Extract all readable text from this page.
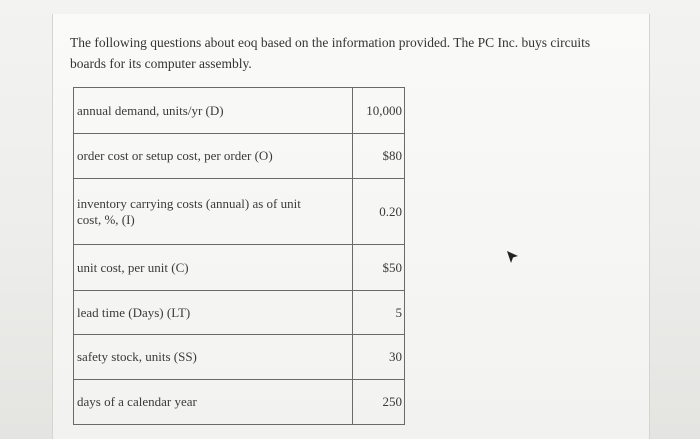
The following questions about eoq based on the information provided. The PC Inc. buys circuits
boards for its computer assembly.
annual demand, units/yr (D)	10,000
order cost or setup cost, per order (O)	$80

inventory carrying costs (annual) as of unit
cost, %, (I)	0.20
unit cost, per unit (C)	$50
lead time (Days) (LT)	5
safety stock, units (SS)	30
days of a calendar year	250
